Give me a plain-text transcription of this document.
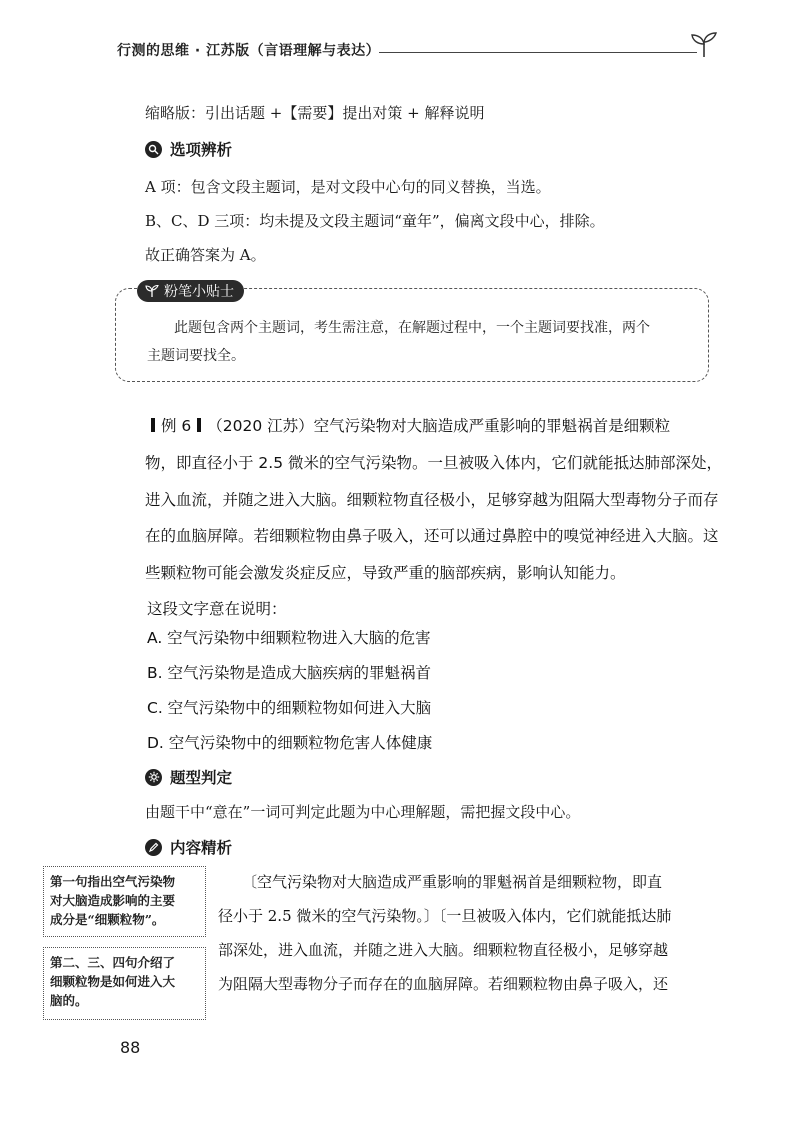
行测的思维 · 江苏版（言语理解与表达）
缩略版：引出话题 +【需要】提出对策 + 解释说明
选项辨析
A 项：包含文段主题词，是对文段中心句的同义替换，当选。
B、C、D 三项：均未提及文段主题词“童年”，偏离文段中心，排除。
故正确答案为 A。
此题包含两个主题词，考生需注意，在解题过程中，一个主题词要找准，两个
主题词要找全。
粉笔小贴士
例 6 （2020 江苏）空气污染物对大脑造成严重影响的罪魁祸首是细颗粒
物，即直径小于 2.5 微米的空气污染物。一旦被吸入体内，它们就能抵达肺部深处，
进入血流，并随之进入大脑。细颗粒物直径极小，足够穿越为阻隔大型毒物分子而存
在的血脑屏障。若细颗粒物由鼻子吸入，还可以通过鼻腔中的嗅觉神经进入大脑。这
些颗粒物可能会激发炎症反应，导致严重的脑部疾病，影响认知能力。
这段文字意在说明：
A. 空气污染物中细颗粒物进入大脑的危害
B. 空气污染物是造成大脑疾病的罪魁祸首
C. 空气污染物中的细颗粒物如何进入大脑
D. 空气污染物中的细颗粒物危害人体健康
题型判定
由题干中“意在”一词可判定此题为中心理解题，需把握文段中心。
内容精析
第一句指出空气污染物
对大脑造成影响的主要
成分是“细颗粒物”。
第二、三、四句介绍了
细颗粒物是如何进入大
脑的。
〔空气污染物对大脑造成严重影响的罪魁祸首是细颗粒物，即直
径小于 2.5 微米的空气污染物。〕〔一旦被吸入体内，它们就能抵达肺
部深处，进入血流，并随之进入大脑。细颗粒物直径极小，足够穿越
为阻隔大型毒物分子而存在的血脑屏障。若细颗粒物由鼻子吸入，还
88
